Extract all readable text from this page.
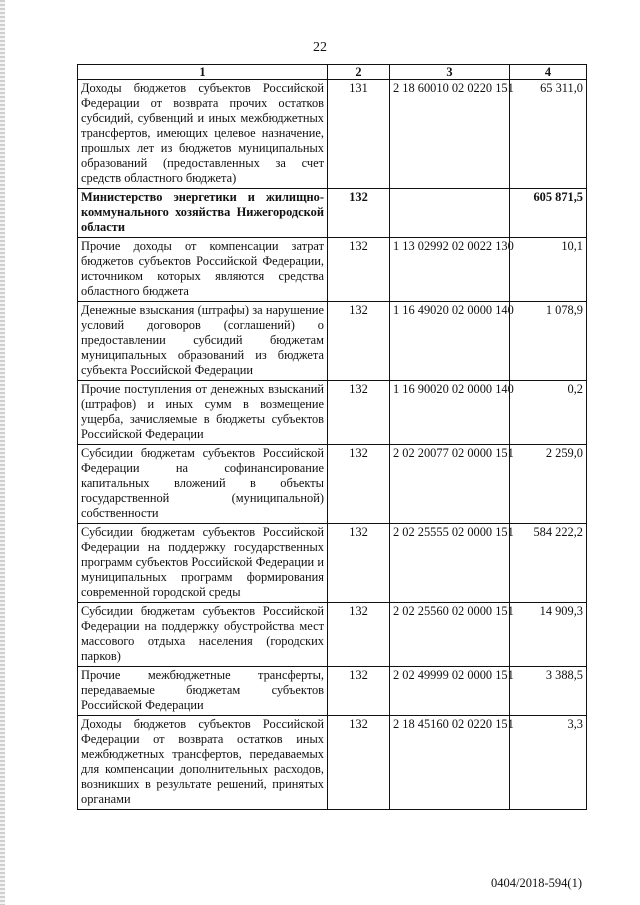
22
1	2	3	4
Доходы бюджетов субъектов Российской Федерации от возврата прочих остатков субсидий, субвенций и иных межбюджетных трансфертов, имеющих целевое назначение, прошлых лет из бюджетов муниципальных образований (предоставленных за счет средств областного бюджета)	131	2 18 60010 02 0220 151	65 311,0
Министерство энергетики и жилищно-коммунального хозяйства Нижегородской области	132		605 871,5
Прочие доходы от компенсации затрат бюджетов субъектов Российской Федерации, источником которых являются средства областного бюджета	132	1 13 02992 02 0022 130	10,1
Денежные взыскания (штрафы) за нарушение условий договоров (соглашений) о предоставлении субсидий бюджетам муниципальных образований из бюджета субъекта Российской Федерации	132	1 16 49020 02 0000 140	1 078,9
Прочие поступления от денежных взысканий (штрафов) и иных сумм в возмещение ущерба, зачисляемые в бюджеты субъектов Российской Федерации	132	1 16 90020 02 0000 140	0,2
Субсидии бюджетам субъектов Российской Федерации на софинансирование капитальных вложений в объекты государственной (муниципальной) собственности	132	2 02 20077 02 0000 151	2 259,0
Субсидии бюджетам субъектов Российской Федерации на поддержку государственных программ субъектов Российской Федерации и муниципальных программ формирования современной городской среды	132	2 02 25555 02 0000 151	584 222,2
Субсидии бюджетам субъектов Российской Федерации на поддержку обустройства мест массового отдыха населения (городских парков)	132	2 02 25560 02 0000 151	14 909,3
Прочие межбюджетные трансферты, передаваемые бюджетам субъектов Российской Федерации	132	2 02 49999 02 0000 151	3 388,5
Доходы бюджетов субъектов Российской Федерации от возврата остатков иных межбюджетных трансфертов, передаваемых для компенсации дополнительных расходов, возникших в результате решений, принятых органами	132	2 18 45160 02 0220 151	3,3
0404/2018-594(1)
